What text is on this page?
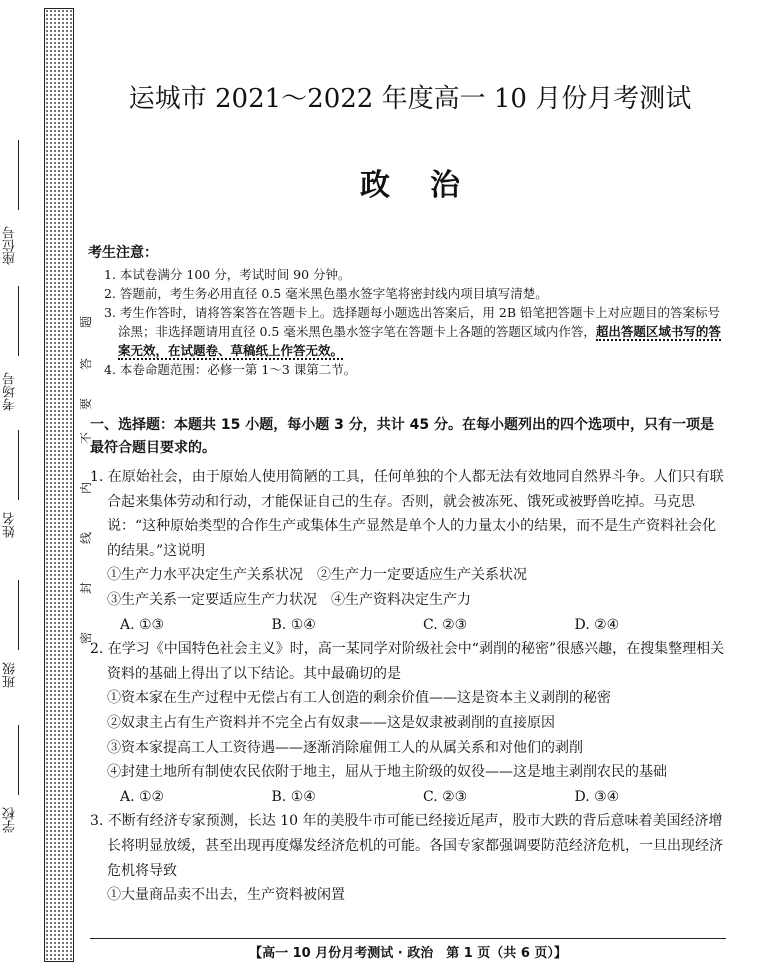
座位号
考场号
姓名
班级
学校
密
封
线
内
不
要
答
题
运城市 2021～2022 年度高一 10 月份月考测试
政治
考生注意：
1. 本试卷满分 100 分，考试时间 90 分钟。
2. 答题前，考生务必用直径 0.5 毫米黑色墨水签字笔将密封线内项目填写清楚。
3. 考生作答时，请将答案答在答题卡上。选择题每小题选出答案后，用 2B 铅笔把答题卡上对应题目的答案标号涂黑；非选择题请用直径 0.5 毫米黑色墨水签字笔在答题卡上各题的答题区域内作答，超出答题区域书写的答案无效，在试题卷、草稿纸上作答无效。
4. 本卷命题范围：必修一第 1～3 课第二节。
一、选择题：本题共 15 小题，每小题 3 分，共计 45 分。在每小题列出的四个选项中，只有一项是最符合题目要求的。
1. 在原始社会，由于原始人使用简陋的工具，任何单独的个人都无法有效地同自然界斗争。人们只有联合起来集体劳动和行动，才能保证自己的生存。否则，就会被冻死、饿死或被野兽吃掉。马克思说：“这种原始类型的合作生产或集体生产显然是单个人的力量太小的结果，而不是生产资料社会化的结果。”这说明
①生产力水平决定生产关系状况　②生产力一定要适应生产关系状况
③生产关系一定要适应生产力状况　④生产资料决定生产力
A. ①③	B. ①④	C. ②③	D. ②④
2. 在学习《中国特色社会主义》时，高一某同学对阶级社会中“剥削的秘密”很感兴趣，在搜集整理相关资料的基础上得出了以下结论。其中最确切的是
①资本家在生产过程中无偿占有工人创造的剩余价值——这是资本主义剥削的秘密
②奴隶主占有生产资料并不完全占有奴隶——这是奴隶被剥削的直接原因
③资本家提高工人工资待遇——逐渐消除雇佣工人的从属关系和对他们的剥削
④封建土地所有制使农民依附于地主，屈从于地主阶级的奴役——这是地主剥削农民的基础
A. ①②	B. ①④	C. ②③	D. ③④
3. 不断有经济专家预测，长达 10 年的美股牛市可能已经接近尾声，股市大跌的背后意味着美国经济增长将明显放缓，甚至出现再度爆发经济危机的可能。各国专家都强调要防范经济危机，一旦出现经济危机将导致
①大量商品卖不出去，生产资料被闲置
【高一 10 月份月考测试 · 政治　第 1 页（共 6 页）】
